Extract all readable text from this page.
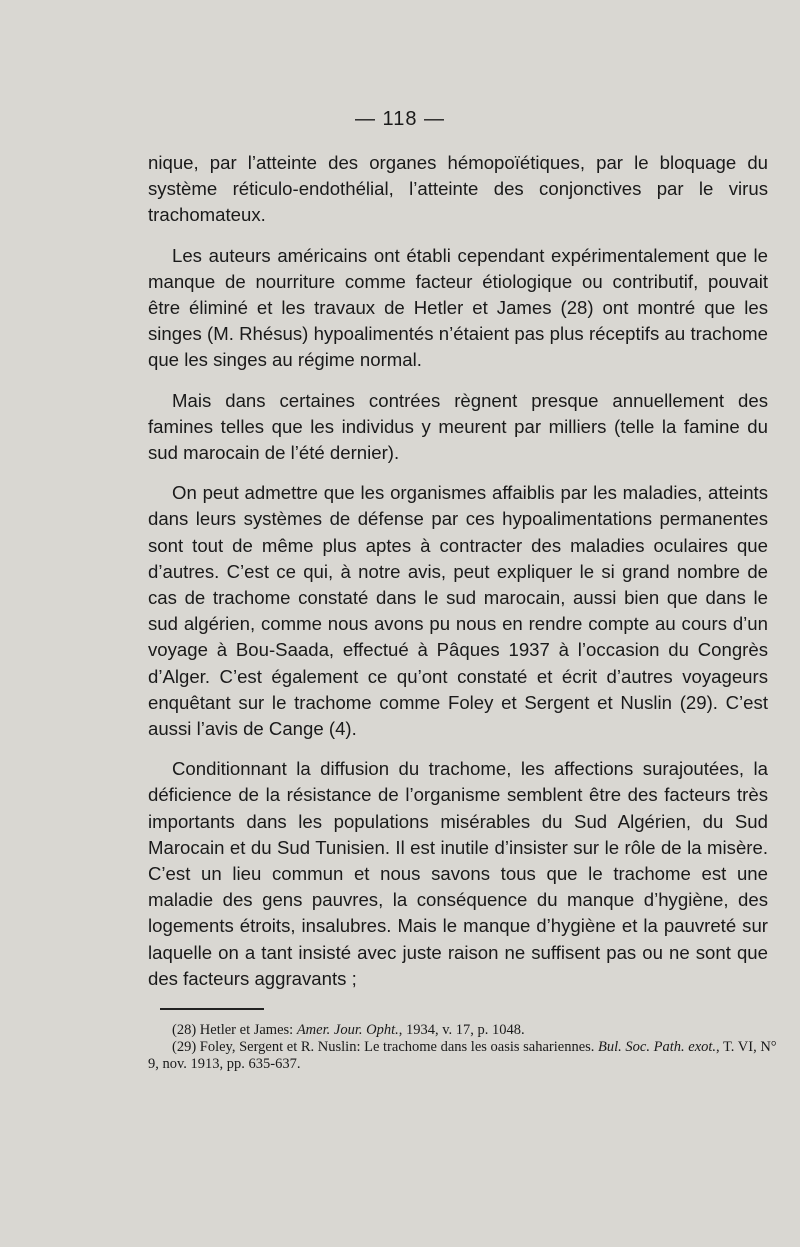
— 118 —

nique, par l’atteinte des organes hémopoïétiques, par le bloquage du système réticulo-endothélial, l’atteinte des conjonctives par le virus trachomateux.

Les auteurs américains ont établi cependant expérimentalement que le manque de nourriture comme facteur étiologique ou contributif, pouvait être éliminé et les travaux de Hetler et James (28) ont montré que les singes (M. Rhésus) hypoalimentés n’étaient pas plus réceptifs au trachome que les singes au régime normal.

Mais dans certaines contrées règnent presque annuellement des famines telles que les individus y meurent par milliers (telle la famine du sud marocain de l’été dernier).

On peut admettre que les organismes affaiblis par les maladies, atteints dans leurs systèmes de défense par ces hypoalimentations permanentes sont tout de même plus aptes à contracter des maladies oculaires que d’autres. C’est ce qui, à notre avis, peut expliquer le si grand nombre de cas de trachome constaté dans le sud marocain, aussi bien que dans le sud algérien, comme nous avons pu nous en rendre compte au cours d’un voyage à Bou-Saada, effectué à Pâques 1937 à l’occasion du Congrès d’Alger. C’est également ce qu’ont constaté et écrit d’autres voyageurs enquêtant sur le trachome comme Foley et Sergent et Nuslin (29). C’est aussi l’avis de Cange (4).

Conditionnant la diffusion du trachome, les affections surajoutées, la déficience de la résistance de l’organisme semblent être des facteurs très importants dans les populations misérables du Sud Algérien, du Sud Marocain et du Sud Tunisien. Il est inutile d’insister sur le rôle de la misère. C’est un lieu commun et nous savons tous que le trachome est une maladie des gens pauvres, la conséquence du manque d’hygiène, des logements étroits, insalubres. Mais le manque d’hygiène et la pauvreté sur laquelle on a tant insisté avec juste raison ne suffisent pas ou ne sont que des facteurs aggravants ;

(28) Hetler et James: Amer. Jour. Opht., 1934, v. 17, p. 1048.

(29) Foley, Sergent et R. Nuslin: Le trachome dans les oasis sahariennes. Bul. Soc. Path. exot., T. VI, N° 9, nov. 1913, pp. 635-637.
